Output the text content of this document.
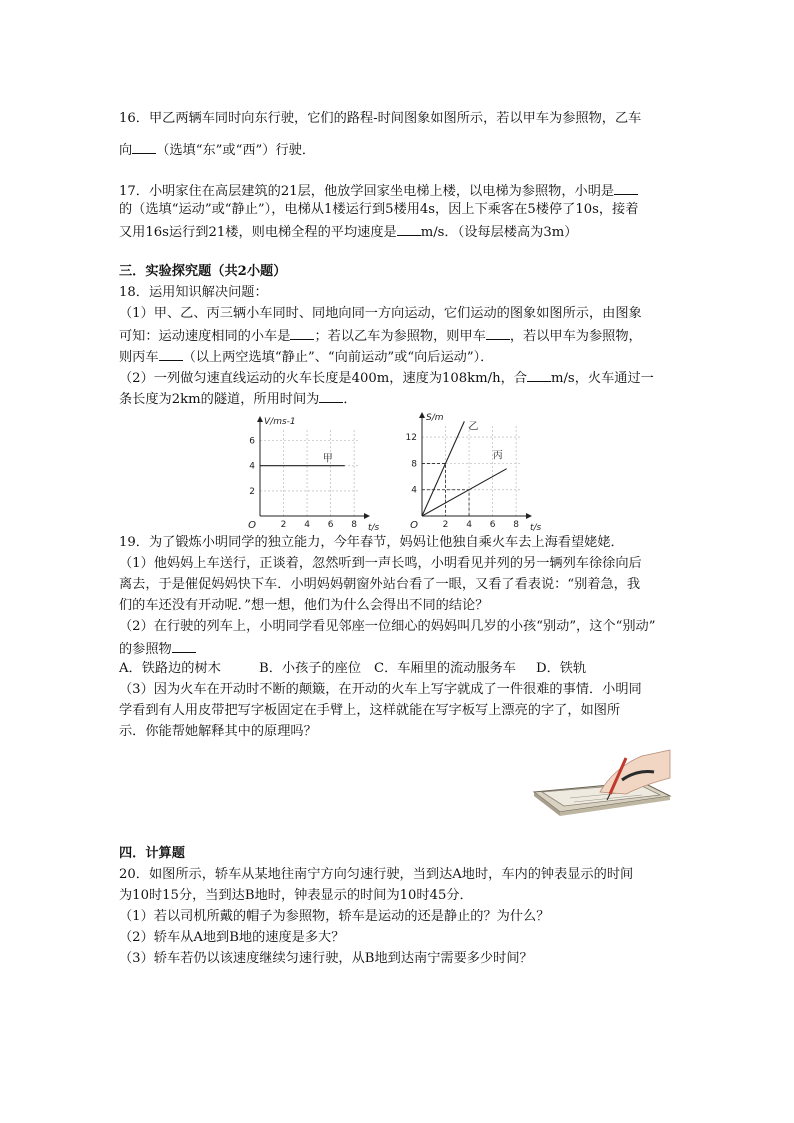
16．甲乙两辆车同时向东行驶，它们的路程-时间图象如图所示，若以甲车为参照物，乙车
向 （选填“东”或“西”）行驶．
17．小明家住在高层建筑的21层，他放学回家坐电梯上楼，以电梯为参照物，小明是
的（选填“运动”或“静止”），电梯从1楼运行到5楼用4s，因上下乘客在5楼停了10s，接着
又用16s运行到21楼，则电梯全程的平均速度是 m/s．（设每层楼高为3m）
三．实验探究题（共2小题）
18．运用知识解决问题：
（1）甲、乙、丙三辆小车同时、同地向同一方向运动，它们运动的图象如图所示，由图象
可知：运动速度相同的小车是 ；若以乙车为参照物，则甲车 ，若以甲车为参照物，
则丙车 （以上两空选填“静止”、“向前运动”或“向后运动”）．
（2）一列做匀速直线运动的火车长度是400m，速度为108km/h，合 m/s，火车通过一
条长度为2km的隧道，所用时间为 ．
2 4 6 8
2
4
6
O	t/s
V/ms-1
甲
2 4 6 8
4
8
12
O	t/s
S/m
乙
丙
19．为了锻炼小明同学的独立能力，今年春节，妈妈让他独自乘火车去上海看望姥姥．
（1）他妈妈上车送行，正谈着，忽然听到一声长鸣，小明看见并列的另一辆列车徐徐向后
离去，于是催促妈妈快下车．小明妈妈朝窗外站台看了一眼，又看了看表说：“别着急，我
们的车还没有开动呢．”想一想，他们为什么会得出不同的结论？
（2）在行驶的列车上，小明同学看见邻座一位细心的妈妈叫几岁的小孩“别动”，这个“别动”
的参照物
A．铁路边的树木	B．小孩子的座位 C．车厢里的流动服务车 D．铁轨
（3）因为火车在开动时不断的颠簸，在开动的火车上写字就成了一件很难的事情．小明同
学看到有人用皮带把写字板固定在手臂上，这样就能在写字板写上漂亮的字了，如图所
示．你能帮她解释其中的原理吗？
四．计算题
20．如图所示，轿车从某地往南宁方向匀速行驶，当到达A地时，车内的钟表显示的时间
为10时15分，当到达B地时，钟表显示的时间为10时45分．
（1）若以司机所戴的帽子为参照物，轿车是运动的还是静止的？为什么？
（2）轿车从A地到B地的速度是多大？
（3）轿车若仍以该速度继续匀速行驶，从B地到达南宁需要多少时间？
